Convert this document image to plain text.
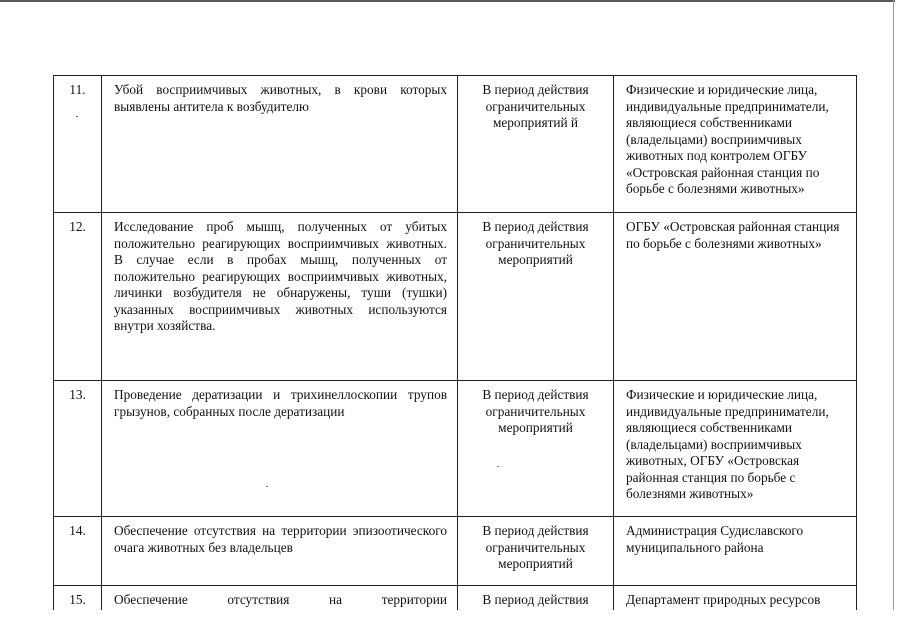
11.	Убой восприимчивых животных, в крови которых выявлены антитела к возбудителю	В период действия ограничительных мероприятий й	Физические и юридические лица, индивидуальные предприниматели, являющиеся собственниками (владельцами) восприимчивых животных под контролем ОГБУ «Островская районная станция по борьбе с болезнями животных»
12.	Исследование проб мышц, полученных от убитых положительно реагирующих восприимчивых животных. В случае если в пробах мышц, полученных от положительно реагирующих восприимчивых животных, личинки возбудителя не обнаружены, туши (тушки) указанных восприимчивых животных используются внутри хозяйства.	В период действия ограничительных мероприятий	ОГБУ «Островская районная станция по борьбе с болезнями животных»
13.	Проведение дератизации и трихинеллоскопии трупов грызунов, собранных после дератизации	В период действия ограничительных мероприятий	Физические и юридические лица, индивидуальные предприниматели, являющиеся собственниками (владельцами) восприимчивых животных, ОГБУ «Островская районная станция по борьбе с болезнями животных»
14.	Обеспечение отсутствия на территории эпизоотического очага животных без владельцев	В период действия ограничительных мероприятий	Администрация Судиславского муниципального района
15.	Обеспечение отсутствия на территории	В период действия	Департамент природных ресурсов
